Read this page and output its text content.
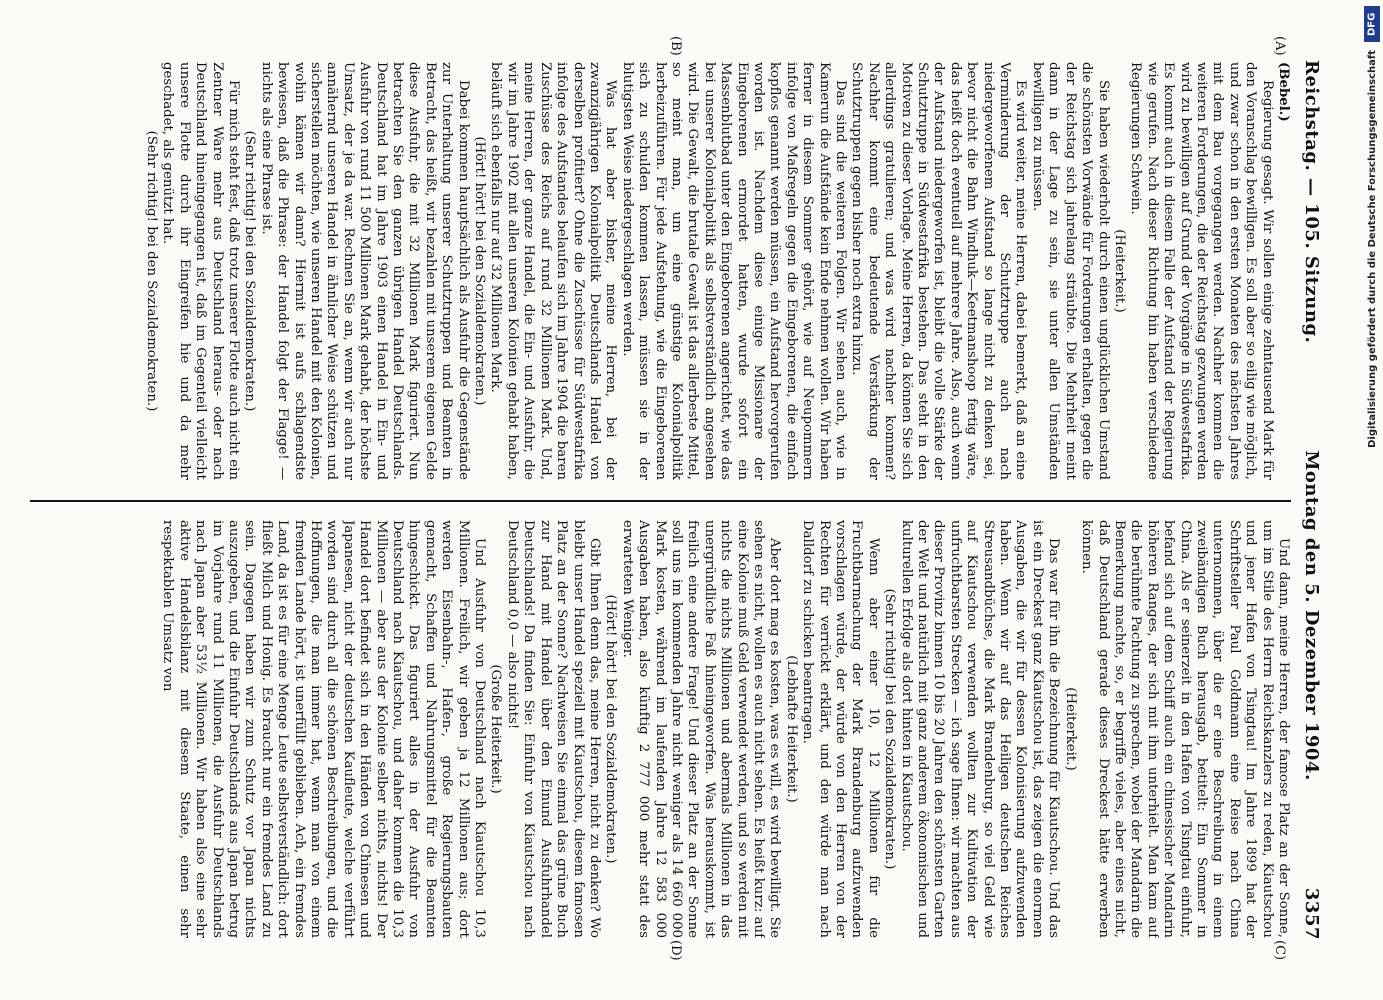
Reichstag. — 105. Sitzung.
Montag den 5. Dezember 1904.
3357
(A)
(B)
(C)
(D)

(Bebel.)

Regierung gesagt. Wir sollen einige zehntausend Mark für den Voranschlag bewilligen. Es soll aber so eilig wie möglich, und zwar schon in den ersten Monaten des nächsten Jahres mit dem Bau vorgegangen werden. Nachher kommen die weiteren Forderungen, die der Reichstag gezwungen werden wird zu bewilligen auf Grund der Vorgänge in Südwestafrika. Es kommt auch in diesem Falle der Aufstand der Regierung wie gerufen. Nach dieser Richtung hin haben verschiedene Regierungen Schwein.

(Heiterkeit.)

Sie haben wiederholt durch einen unglücklichen Umstand die schönsten Vorwände für Forderungen erhalten, gegen die der Reichstag sich jahrelang sträubte. Die Mehrheit meint dann in der Lage zu sein, sie unter allen Umständen bewilligen zu müssen.

Es wird weiter, meine Herren, dabei bemerkt, daß an eine Verminderung der Schutztruppe auch nach niedergeworfenem Aufstand so lange nicht zu denken sei, bevor nicht die Bahn Windhuk—Keetmanshoop fertig wäre, das heißt doch eventuell auf mehrere Jahre. Also, auch wenn der Aufstand niedergeworfen ist, bleibt die volle Stärke der Schutztruppe in Südwestafrika bestehen. Das steht in den Motiven zu dieser Vorlage. Meine Herren, da können Sie sich allerdings gratulieren; und was wird nachher kommen? Nachher kommt eine bedeutende Verstärkung der Schutztruppen gegen bisher noch extra hinzu.

Das sind die weiteren Folgen. Wir sehen auch, wie in Kamerun die Aufstände kein Ende nehmen wollen. Wir haben ferner in diesem Sommer gehört, wie auf Neupommern infolge von Maßregeln gegen die Eingeborenen, die einfach kopflos genannt werden müssen, ein Aufstand hervorgerufen worden ist. Nachdem diese einige Missionare der Eingeborenen ermordet hatten, wurde sofort ein Massenblutbad unter den Eingeborenen angerichtet, wie das bei unserer Kolonialpolitik als selbstverständlich angesehen wird. Die Gewalt, die brutale Gewalt ist das allerbeste Mittel, so meint man, um eine günstige Kolonialpolitik herbeizuführen. Für jede Aufstehung, wie die Eingeborenen sich zu schulden kommen lassen, müssen sie in der blutigsten Weise niedergeschlagen werden.

Was hat aber bisher, meine Herren, bei der zwanzigjährigen Kolonialpolitik Deutschlands Handel von derselben profitiert? Ohne die Zuschüsse für Südwestafrika infolge des Aufstandes belaufen sich im Jahre 1904 die baren Zuschüsse des Reichs auf rund 32 Millionen Mark. Und, meine Herren, der ganze Handel, die Ein- und Ausfuhr, die wir im Jahre 1902 mit allen unseren Kolonien gehabt haben, beläuft sich ebenfalls nur auf 32 Millionen Mark.

(Hört! hört! bei den Sozialdemokraten.)

Dabei kommen hauptsächlich als Ausfuhr die Gegenstände zur Unterhaltung unserer Schutztruppen und Beamten in Betracht, das heißt, wir bezahlen mit unserem eigenen Gelde diese Ausfuhr, die mit 32 Millionen Mark figuriert. Nun betrachten Sie den ganzen übrigen Handel Deutschlands. Deutschland hat im Jahre 1903 einen Handel in Ein- und Ausfuhr von rund 11 500 Millionen Mark gehabt, der höchste Umsatz, der je da war. Rechnen Sie an, wenn wir auch nur annähernd unseren Handel in ähnlicher Weise schützen und sicherstellen möchten, wie unseren Handel mit den Kolonien, wohin kämen wir dann? Hiermit ist aufs schlagendste bewiesen, daß die Phrase: der Handel folgt der Flagge! — nichts als eine Phrase ist.

(Sehr richtig! bei den Sozialdemokraten.)

Für mich steht fest, daß trotz unserer Flotte auch nicht ein Zentner Ware mehr aus Deutschland heraus- oder nach Deutschland hineingegangen ist, daß im Gegenteil vielleicht unsere Flotte durch ihr Eingreifen hie und da mehr geschadet, als genützt hat.

(Sehr richtig! bei den Sozialdemokraten.)

Und dann, meine Herren, der famose Platz an der Sonne, um im Stile des Herrn Reichskanzlers zu reden, Kiautschou und jener Hafen von Tsingtau! Im Jahre 1899 hat der Schriftsteller Paul Goldmann eine Reise nach China unternommen, über die er eine Beschreibung in einem zweibändigen Buch herausgab, betitelt: Ein Sommer in China. Als er seinerzeit in den Hafen von Tsingtau einfuhr, befand sich auf dem Schiff auch ein chinesischer Mandarin höheren Ranges, der sich mit ihm unterhielt. Man kam auf die berühmte Pachtung zu sprechen, wobei der Mandarin die Bemerkung machte, so, er begriffe vieles, aber eines nicht, daß Deutschland gerade dieses Dreckest hätte erwerben können.

(Heiterkeit.)

Das war für ihn die Bezeichnung für Kiautschou. Und das ist ein Dreckest ganz Kiautschou ist, das zeigen die enormen Ausgaben, die wir für dessen Kolonisierung aufzuwenden haben. Wenn wir auf das Heiligen deutschen Reiches Streusandbüchse, die Mark Brandenburg, so viel Geld wie auf Kiautschou verwenden wollten zur Kultivation der unfruchtbarsten Strecken — ich sage Ihnen: wir machten aus dieser Provinz binnen 10 bis 20 Jahren den schönsten Garten der Welt und natürlich mit ganz anderem ökonomischen und kulturellen Erfolge als dort hinten in Kiautschou.

(Sehr richtig! bei den Sozialdemokraten.)

Wenn aber einer 10, 12 Millionen für die Fruchtbarmachung der Mark Brandenburg aufzuwenden vorschlagen würde, der würde von den Herren von der Rechten für verrückt erklärt, und den würde man nach Dalldorf zu schicken beantragen.

(Lebhafte Heiterkeit.)

Aber dort mag es kosten, was es will, es wird bewilligt. Sie sehen es nicht, wollen es auch nicht sehen. Es heißt kurz: auf eine Kolonie muß Geld verwendet werden, und so werden mit nichts die nichts Millionen und abermals Millionen in das unergründliche Faß hineingeworfen. Was herauskommt, ist freilich eine andere Frage! Und dieser Platz an der Sonne soll uns im kommenden Jahre nicht weniger als 14 660 000 Mark kosten, während im laufenden Jahre 12 583 000 Ausgaben haben, also künftig 2 777 000 mehr statt des erwarteten Weniger.

(Hört! hört! bei den Sozialdemokraten.)

Gibt Ihnen denn das, meine Herren, nicht zu denken? Wo bleibt unser Handel speziell mit Kiautschou, diesem famosen Platz an der Sonne? Nachweisen Sie einmal das grüne Buch zur Hand mit Handel über den Einund Ausfuhrhandel Deutschlands! Da finden Sie: Einfuhr von Kiautschou nach Deutschland 0,0 — also nichts!

(Große Heiterkeit.)

Und Ausfuhr von Deutschland nach Kiautschou 10,3 Millionen. Freilich, wir geben ja 12 Millionen aus; dort werden Eisenbahn-, Hafen-, große Regierungsbauten gemacht, Schaffen und Nahrungsmittel für die Beamten hingeschickt. Das figuriert alles in der Ausfuhr von Deutschland nach Kiautschou, und daher kommen die 10,3 Millionen — aber aus der Kolonie selber nichts, nichts! Der Handel dort befindet sich in den Händen von Chinesen und Japanesen, nicht der deutschen Kaufleute, welche verführt worden sind durch all die schönen Beschreibungen, und die Hoffnungen, die man immer hat, wenn man von einem fremden Lande hört, ist unerfüllt geblieben. Ach, ein fremdes Land, da ist es für eine Menge Leute selbstverständlich: dort fließt Milch und Honig. Es braucht nur ein fremdes Land zu sein. Dagegen haben wir zum Schutz vor Japan nichts auszugeben, und die Einfuhr Deutschlands aus Japan betrug im Vorjahre rund 11 Millionen, die Ausfuhr Deutschlands nach Japan aber 53½ Millionen. Wir haben also eine sehr aktive Handelsbilanz mit diesem Staate, einen sehr respektablen Umsatz von

DFG
Digitalisierung gefördert durch die Deutsche Forschungsgemeinschaft
